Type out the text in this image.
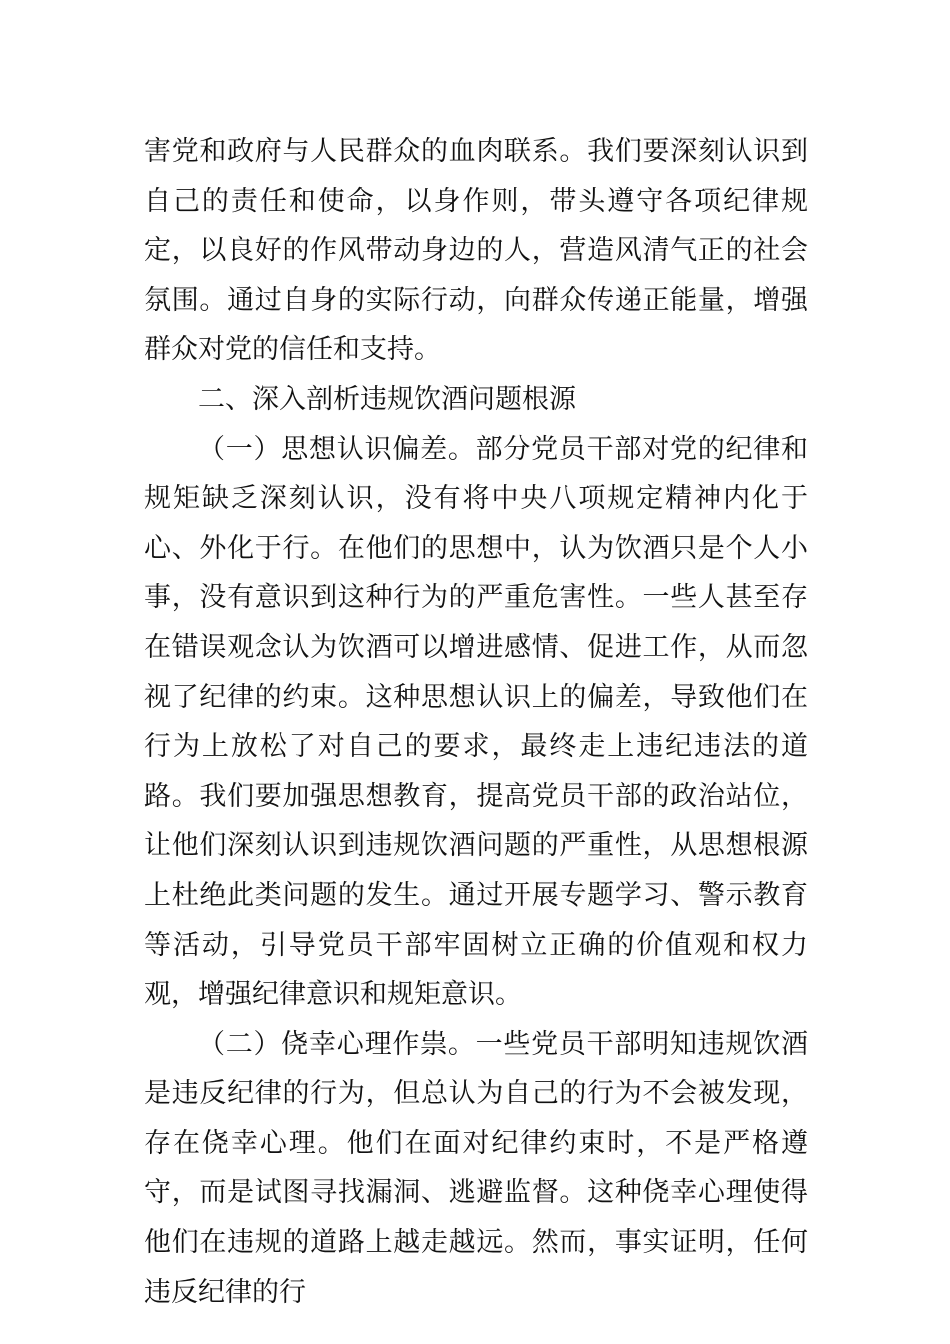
害党和政府与人民群众的血肉联系。我们要深刻认识到自己的责任和使命，以身作则，带头遵守各项纪律规定，以良好的作风带动身边的人，营造风清气正的社会氛围。通过自身的实际行动，向群众传递正能量，增强群众对党的信任和支持。

二、深入剖析违规饮酒问题根源

（一）思想认识偏差。部分党员干部对党的纪律和规矩缺乏深刻认识，没有将中央八项规定精神内化于心、外化于行。在他们的思想中，认为饮酒只是个人小事，没有意识到这种行为的严重危害性。一些人甚至存在错误观念认为饮酒可以增进感情、促进工作，从而忽视了纪律的约束。这种思想认识上的偏差，导致他们在行为上放松了对自己的要求，最终走上违纪违法的道路。我们要加强思想教育，提高党员干部的政治站位，让他们深刻认识到违规饮酒问题的严重性，从思想根源上杜绝此类问题的发生。通过开展专题学习、警示教育等活动，引导党员干部牢固树立正确的价值观和权力观，增强纪律意识和规矩意识。

（二）侥幸心理作祟。一些党员干部明知违规饮酒是违反纪律的行为，但总认为自己的行为不会被发现，存在侥幸心理。他们在面对纪律约束时，不是严格遵守，而是试图寻找漏洞、逃避监督。这种侥幸心理使得他们在违规的道路上越走越远。然而，事实证明，任何违反纪律的行
